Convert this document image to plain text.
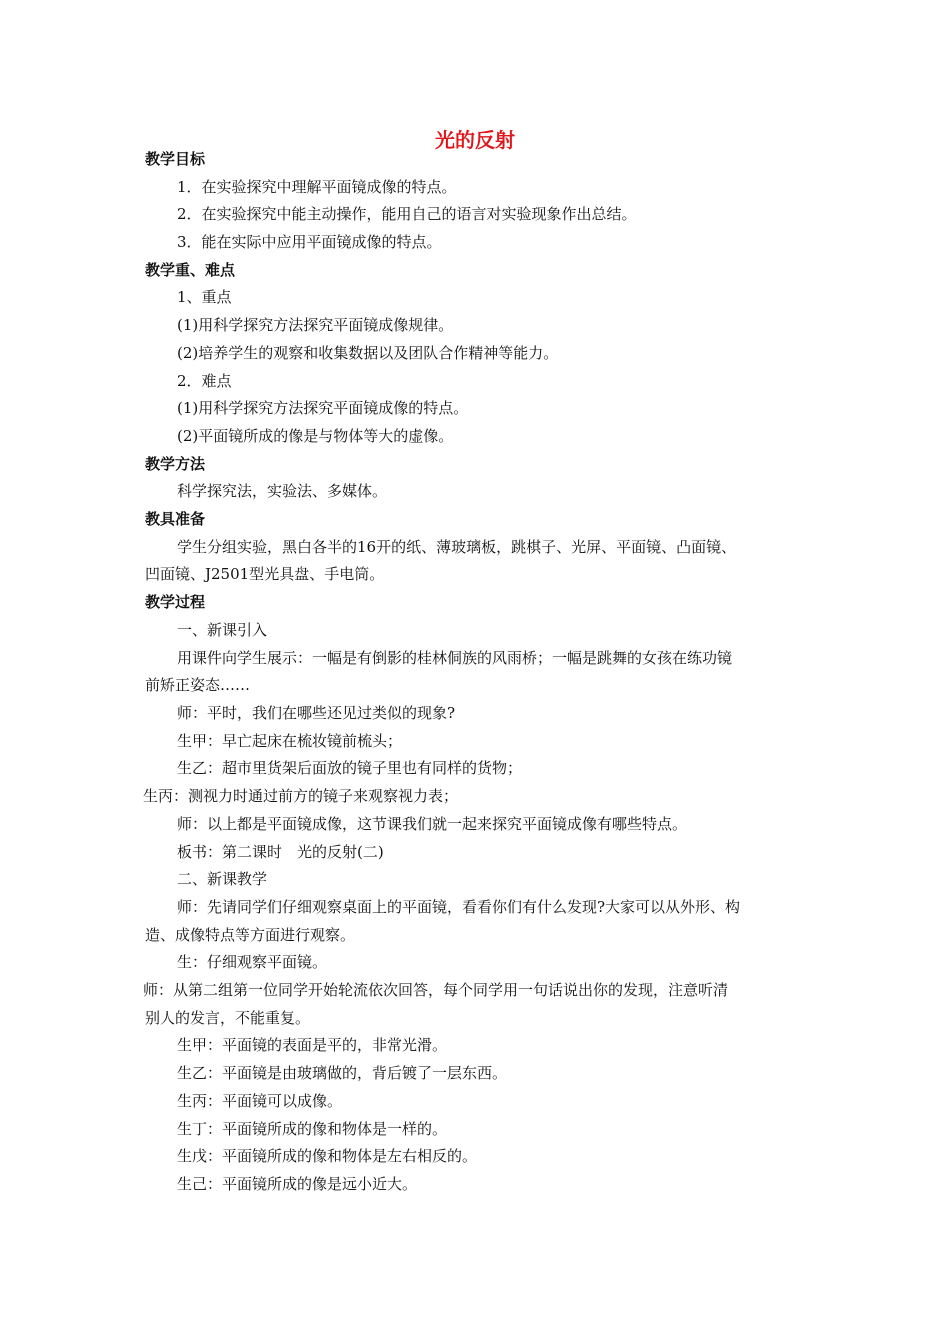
光的反射
教学目标
1．在实验探究中理解平面镜成像的特点。
2．在实验探究中能主动操作，能用自己的语言对实验现象作出总结。
3．能在实际中应用平面镜成像的特点。
教学重、难点
1、重点
(1)用科学探究方法探究平面镜成像规律。
(2)培养学生的观察和收集数据以及团队合作精神等能力。
2．难点
(1)用科学探究方法探究平面镜成像的特点。
(2)平面镜所成的像是与物体等大的虚像。
教学方法
科学探究法，实验法、多媒体。
教具准备
学生分组实验，黑白各半的16开的纸、薄玻璃板，跳棋子、光屏、平面镜、凸面镜、
凹面镜、J2501型光具盘、手电筒。
教学过程
一、新课引入
用课件向学生展示：一幅是有倒影的桂林侗族的风雨桥；一幅是跳舞的女孩在练功镜
前矫正姿态……
师：平时，我们在哪些还见过类似的现象?
生甲：早亡起床在梳妆镜前梳头；
生乙：超市里货架后面放的镜子里也有同样的货物；
生丙：测视力时通过前方的镜子来观察视力表；
师：以上都是平面镜成像，这节课我们就一起来探究平面镜成像有哪些特点。
板书：第二课时　光的反射(二)
二、新课教学
师：先请同学们仔细观察桌面上的平面镜，看看你们有什么发现?大家可以从外形、构
造、成像特点等方面进行观察。
生：仔细观察平面镜。
师：从第二组第一位同学开始轮流依次回答，每个同学用一句话说出你的发现，注意听清
别人的发言，不能重复。
生甲：平面镜的表面是平的，非常光滑。
生乙：平面镜是由玻璃做的，背后镀了一层东西。
生丙：平面镜可以成像。
生丁：平面镜所成的像和物体是一样的。
生戊：平面镜所成的像和物体是左右相反的。
生己：平面镜所成的像是远小近大。
